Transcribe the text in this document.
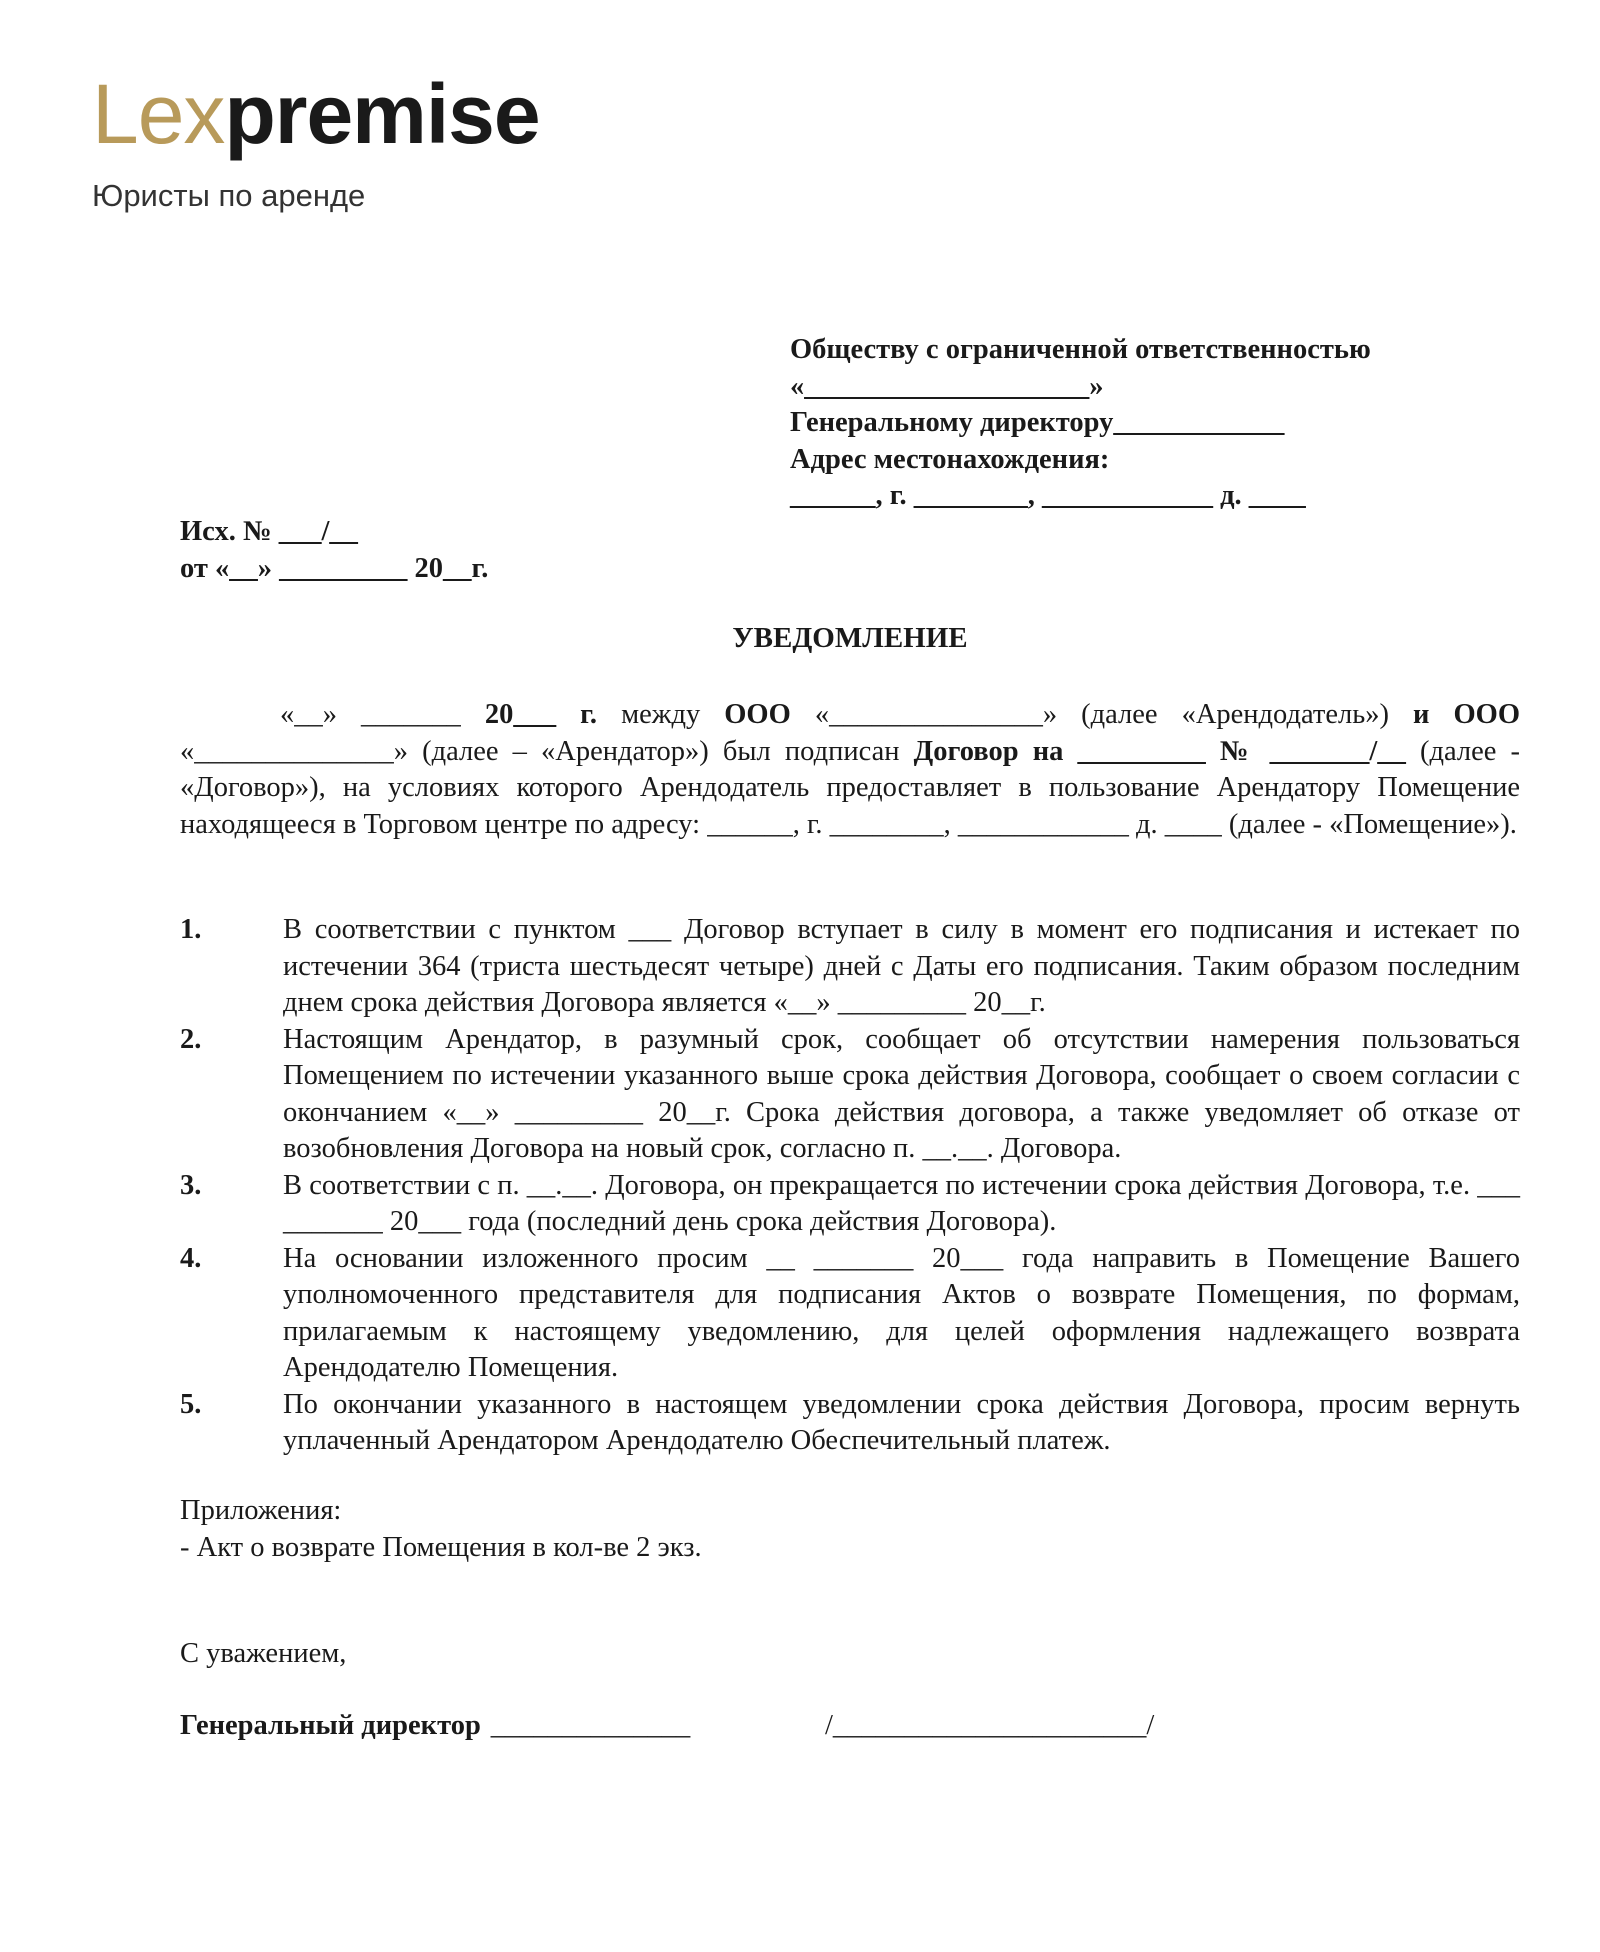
Lexpremise
Юристы по аренде
Обществу с ограниченной ответственностью
«____________________»
Генеральному директору____________
Адрес местонахождения:
______, г. ________, ____________ д. ____
Исх. № ___/__
от «__» _________ 20__г.
УВЕДОМЛЕНИЕ
«__» _______ 20___ г. между ООО «_______________» (далее «Арендодатель») и ООО «______________» (далее – «Арендатор») был подписан Договор на _________ № _______/__ (далее - «Договор»), на условиях которого Арендодатель предоставляет в пользование Арендатору Помещение находящееся в Торговом центре по адресу: ______, г. ________, ____________ д. ____ (далее - «Помещение»).
1.	В соответствии с пунктом ___ Договор вступает в силу в момент его подписания и истекает по истечении 364 (триста шестьдесят четыре) дней с Даты его подписания. Таким образом последним днем срока действия Договора является «__» _________ 20__г.
2.	Настоящим Арендатор, в разумный срок, сообщает об отсутствии намерения пользоваться Помещением по истечении указанного выше срока действия Договора, сообщает о своем согласии с окончанием «__» _________ 20__г. Срока действия договора, а также уведомляет об отказе от возобновления Договора на новый срок, согласно п. __.__. Договора.
3.	В соответствии с п. __.__. Договора, он прекращается по истечении срока действия Договора, т.е. ___ _______ 20___ года (последний день срока действия Договора).
4.	На основании изложенного просим __ _______ 20___ года направить в Помещение Вашего уполномоченного представителя для подписания Актов о возврате Помещения, по формам, прилагаемым к настоящему уведомлению, для целей оформления надлежащего возврата Арендодателю Помещения.
5.	По окончании указанного в настоящем уведомлении срока действия Договора, просим вернуть уплаченный Арендатором Арендодателю Обеспечительный платеж.
Приложения:
- Акт о возврате Помещения в кол-ве 2 экз.
С уважением,
Генеральный директор ______________	/______________________/
